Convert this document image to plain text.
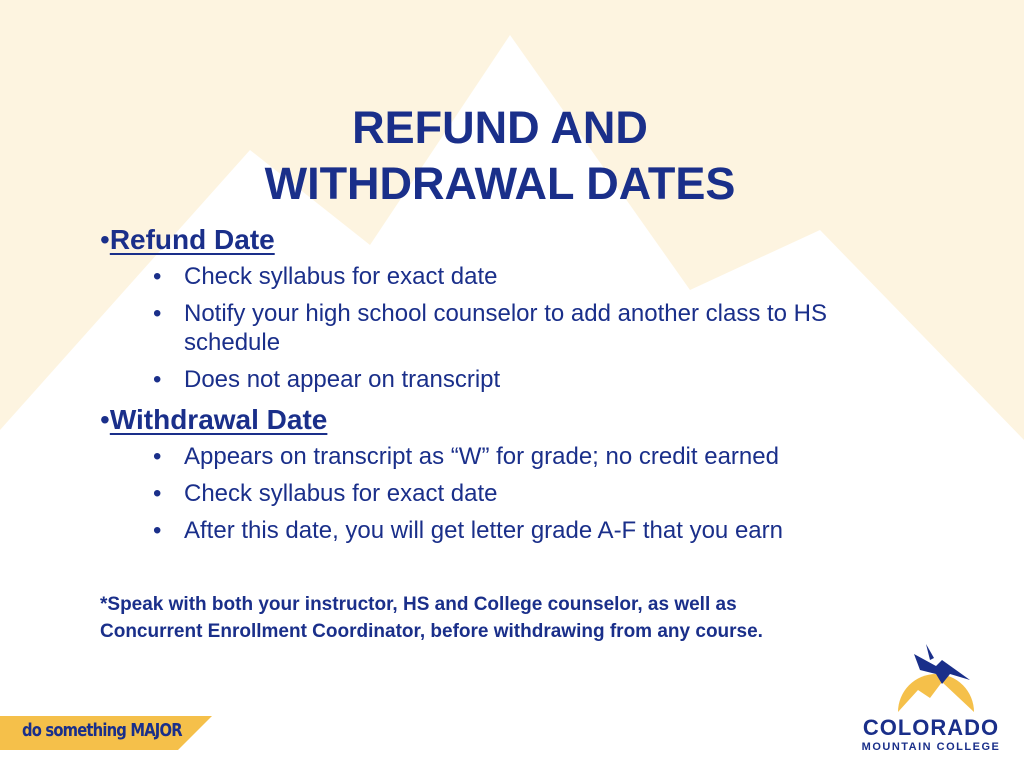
REFUND AND
WITHDRAWAL DATES
•Refund Date
• Check syllabus for exact date
• Notify your high school counselor to add another class to HS schedule
• Does not appear on transcript
•Withdrawal Date
• Appears on transcript as “W” for grade; no credit earned
• Check syllabus for exact date
• After this date, you will get letter grade A-F that you earn
*Speak with both your instructor, HS and College counselor, as well as
Concurrent Enrollment Coordinator, before withdrawing from any course.
do something MAJOR	COLORADO
MOUNTAIN COLLEGE
